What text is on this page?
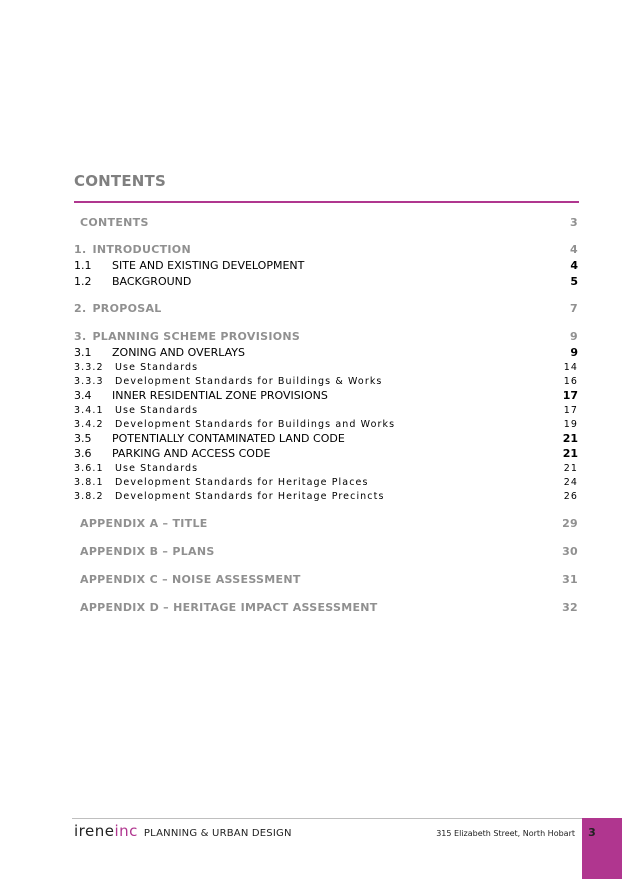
CONTENTS
CONTENTS	3
1. INTRODUCTION	4
1.1	SITE AND EXISTING DEVELOPMENT	4
1.2	BACKGROUND	5
2. PROPOSAL	7
3. PLANNING SCHEME PROVISIONS	9
3.1	ZONING AND OVERLAYS	9
3.3.2	Use Standards	14
3.3.3	Development Standards for Buildings & Works	16
3.4	INNER RESIDENTIAL ZONE PROVISIONS	17
3.4.1	Use Standards	17
3.4.2	Development Standards for Buildings and Works	19
3.5	POTENTIALLY CONTAMINATED LAND CODE	21
3.6	PARKING AND ACCESS CODE	21
3.6.1	Use Standards	21
3.8.1	Development Standards for Heritage Places	24
3.8.2	Development Standards for Heritage Precincts	26
APPENDIX A – TITLE	29
APPENDIX B – PLANS	30
APPENDIX C – NOISE ASSESSMENT	31
APPENDIX D – HERITAGE IMPACT ASSESSMENT	32
irene inc PLANNING & URBAN DESIGN	315 Elizabeth Street, North Hobart	3
